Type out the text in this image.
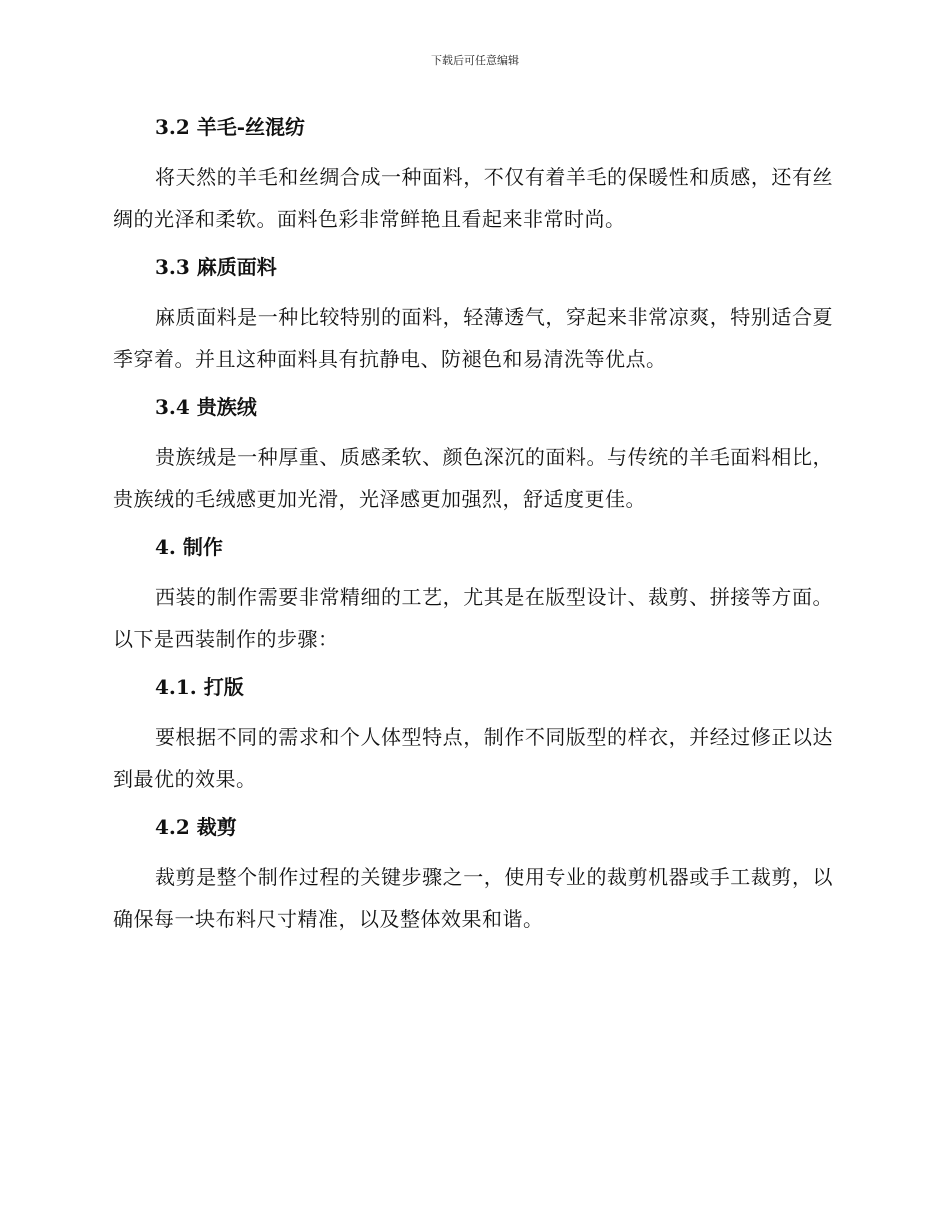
下载后可任意编辑
3.2 羊毛-丝混纺

将天然的羊毛和丝绸合成一种面料，不仅有着羊毛的保暖性和质感，还有丝绸的光泽和柔软。面料色彩非常鲜艳且看起来非常时尚。

3.3 麻质面料

麻质面料是一种比较特别的面料，轻薄透气，穿起来非常凉爽，特别适合夏季穿着。并且这种面料具有抗静电、防褪色和易清洗等优点。

3.4 贵族绒

贵族绒是一种厚重、质感柔软、颜色深沉的面料。与传统的羊毛面料相比，贵族绒的毛绒感更加光滑，光泽感更加强烈，舒适度更佳。

4. 制作

西装的制作需要非常精细的工艺，尤其是在版型设计、裁剪、拼接等方面。以下是西装制作的步骤：

4.1. 打版

要根据不同的需求和个人体型特点，制作不同版型的样衣，并经过修正以达到最优的效果。

4.2 裁剪

裁剪是整个制作过程的关键步骤之一，使用专业的裁剪机器或手工裁剪，以确保每一块布料尺寸精准，以及整体效果和谐。
